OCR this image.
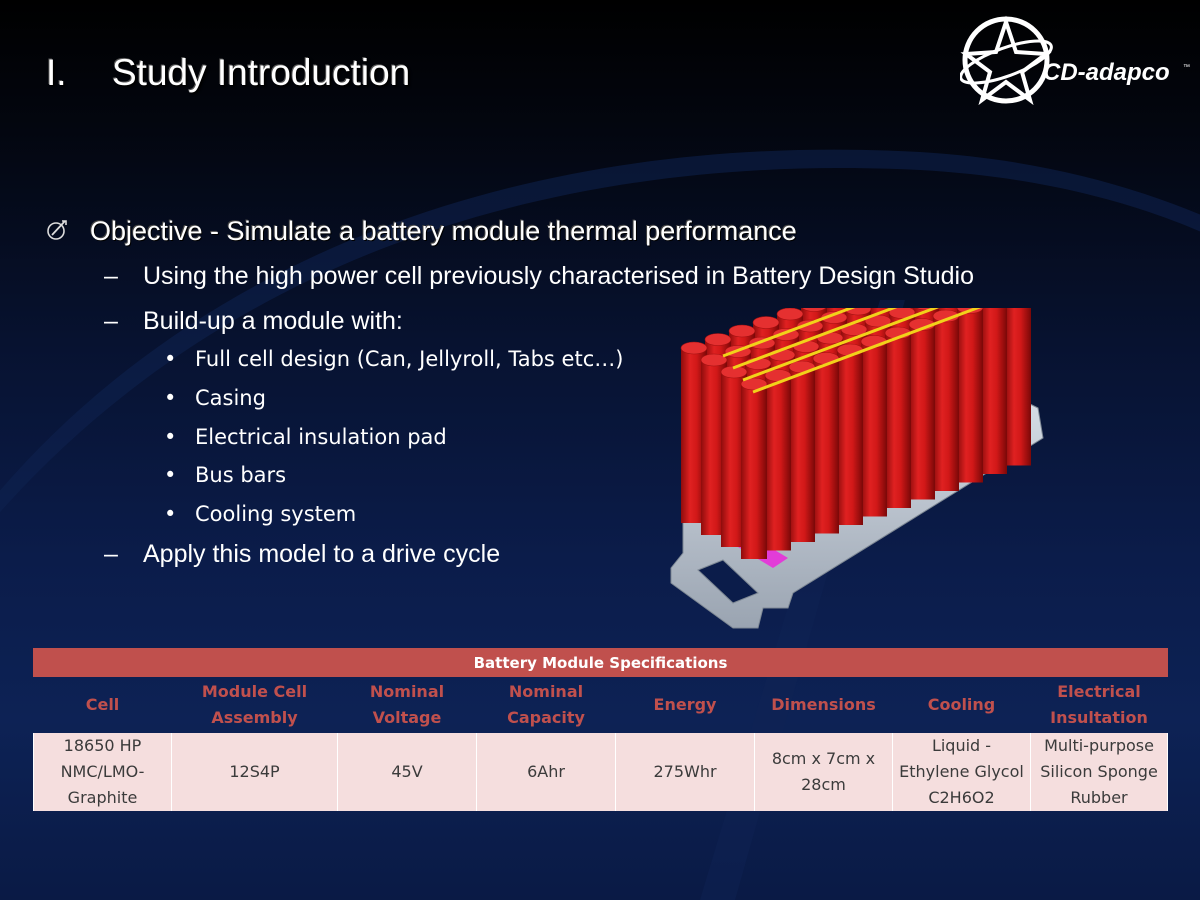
I. Study Introduction	CD-adapco ™
Objective - Simulate a battery module thermal performance
– Using the high power cell previously characterised in Battery Design Studio
– Build-up a module with:
• Full cell design (Can, Jellyroll, Tabs etc…)
• Casing
• Electrical insulation pad
• Bus bars
• Cooling system
– Apply this model to a drive cycle
Battery Module Specifications							
Cell	Module Cell Assembly	Nominal Voltage	Nominal Capacity	Energy	Dimensions	Cooling	Electrical Insultation
18650 HP NMC/LMO-Graphite	12S4P	45V	6Ahr	275Whr	8cm x 7cm x 28cm	Liquid - Ethylene Glycol C2H6O2	Multi-purpose Silicon Sponge Rubber
